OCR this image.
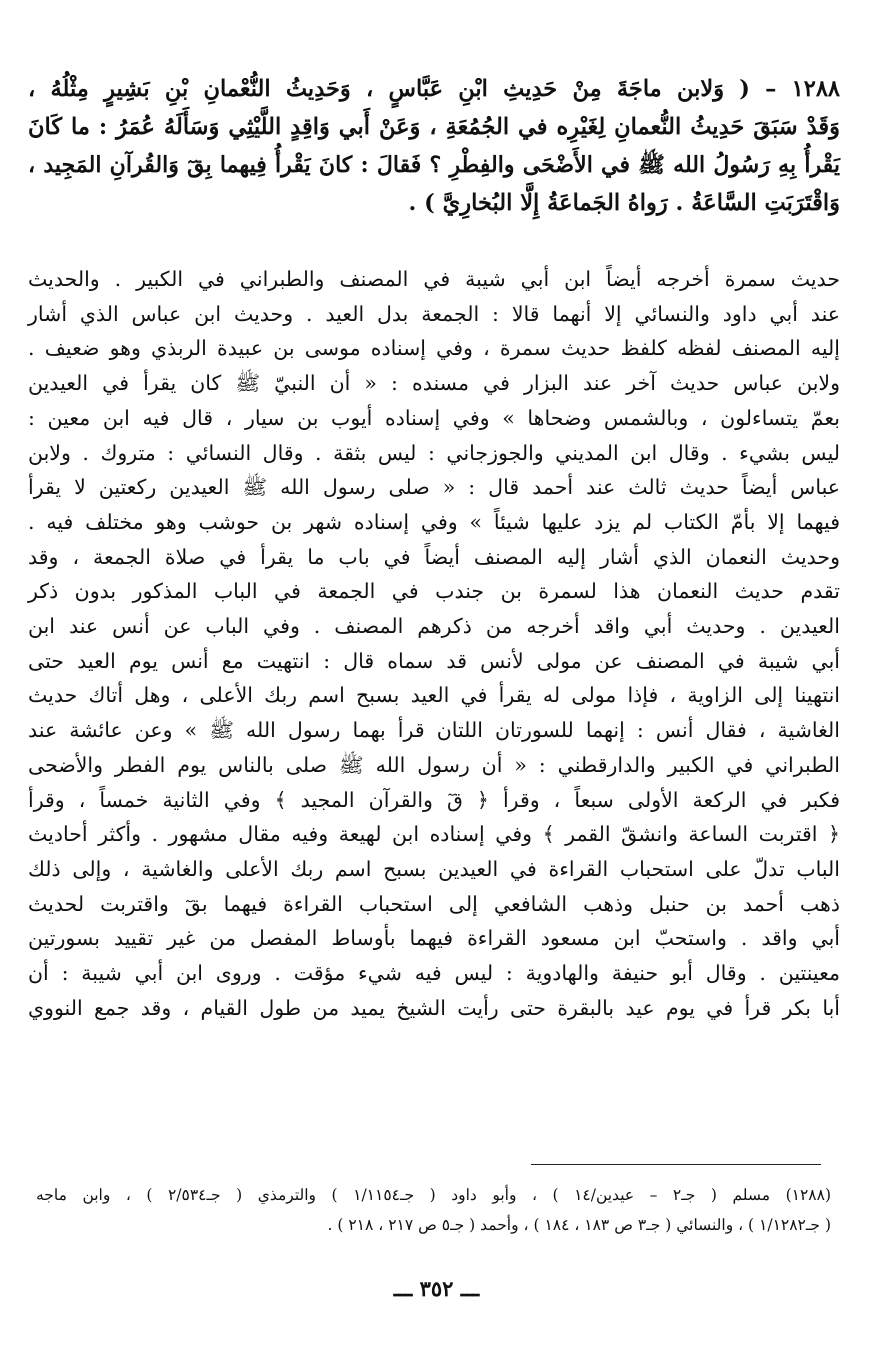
١٢٨٨ – ( وَلابن ماجَةَ مِنْ حَدِيثِ ابْنِ عَبَّاسٍ ، وَحَدِيثُ النُّعْمانِ بْنِ بَشِيرٍ مِثْلُهُ ،
وَقَدْ سَبَقَ حَدِيثُ النُّعمانِ لِغَيْرِه في الجُمُعَةِ ، وَعَنْ أَبي وَاقِدٍ اللَّيْثِي وَسَأَلَهُ عُمَرُ : ما كَانَ
يَقْرأُ بِهِ رَسُولُ الله ﷺ في الأَضْحَى والفِطْرِ ؟ فَقالَ : كانَ يَقْرأُ فِيهما بِقٓ وَالقُرآنِ المَجِيد ،
وَاقْتَرَبَتِ السَّاعَةُ . رَواهُ الجَماعَةُ إِلَّا البُخارِيَّ ) .
حديث سمرة أخرجه أيضاً ابن أبي شيبة في المصنف والطبراني في الكبير . والحديث
عند أبي داود والنسائي إلا أنهما قالا : الجمعة بدل العيد . وحديث ابن عباس الذي أشار
إليه المصنف لفظه كلفظ حديث سمرة ، وفي إسناده موسى بن عبيدة الربذي وهو ضعيف .
ولابن عباس حديث آخر عند البزار في مسنده : « أن النبيّ ﷺ كان يقرأ في العيدين
بعمّ يتساءلون ، وبالشمس وضحاها » وفي إسناده أيوب بن سيار ، قال فيه ابن معين :
ليس بشيء . وقال ابن المديني والجوزجاني : ليس بثقة . وقال النسائي : متروك . ولابن
عباس أيضاً حديث ثالث عند أحمد قال : « صلى رسول الله ﷺ العيدين ركعتين لا يقرأ
فيهما إلا بأمّ الكتاب لم يزد عليها شيئاً » وفي إسناده شهر بن حوشب وهو مختلف فيه .
وحديث النعمان الذي أشار إليه المصنف أيضاً في باب ما يقرأ في صلاة الجمعة ، وقد
تقدم حديث النعمان هذا لسمرة بن جندب في الجمعة في الباب المذكور بدون ذكر
العيدين . وحديث أبي واقد أخرجه من ذكرهم المصنف . وفي الباب عن أنس عند ابن
أبي شيبة في المصنف عن مولى لأنس قد سماه قال : انتهيت مع أنس يوم العيد حتى
انتهينا إلى الزاوية ، فإذا مولى له يقرأ في العيد بسبح اسم ربك الأعلى ، وهل أتاك حديث
الغاشية ، فقال أنس : إنهما للسورتان اللتان قرأ بهما رسول الله ﷺ » وعن عائشة عند
الطبراني في الكبير والدارقطني : « أن رسول الله ﷺ صلى بالناس يوم الفطر والأضحى
فكبر في الركعة الأولى سبعاً ، وقرأ ﴿ قٓ والقرآن المجيد ﴾ وفي الثانية خمساً ، وقرأ
﴿ اقتربت الساعة وانشقّ القمر ﴾ وفي إسناده ابن لهيعة وفيه مقال مشهور . وأكثر أحاديث
الباب تدلّ على استحباب القراءة في العيدين بسبح اسم ربك الأعلى والغاشية ، وإلى ذلك
ذهب أحمد بن حنبل وذهب الشافعي إلى استحباب القراءة فيهما بقٓ واقتربت لحديث
أبي واقد . واستحبّ ابن مسعود القراءة فيهما بأوساط المفصل من غير تقييد بسورتين
معينتين . وقال أبو حنيفة والهادوية : ليس فيه شيء مؤقت . وروى ابن أبي شيبة : أن
أبا بكر قرأ في يوم عيد بالبقرة حتى رأيت الشيخ يميد من طول القيام ، وقد جمع النووي
(١٢٨٨) مسلم ( جـ٢ – عيدين/١٤ ) ، وأبو داود ( جـ١/١١٥٤ ) والترمذي ( جـ٢/٥٣٤ ) ، وابن ماجه
( جـ١/١٢٨٢ ) ، والنسائي ( جـ٣ ص ١٨٣ ، ١٨٤ ) ، وأحمد ( جـ٥ ص ٢١٧ ، ٢١٨ ) .
ـــ ٣٥٢ ـــ
